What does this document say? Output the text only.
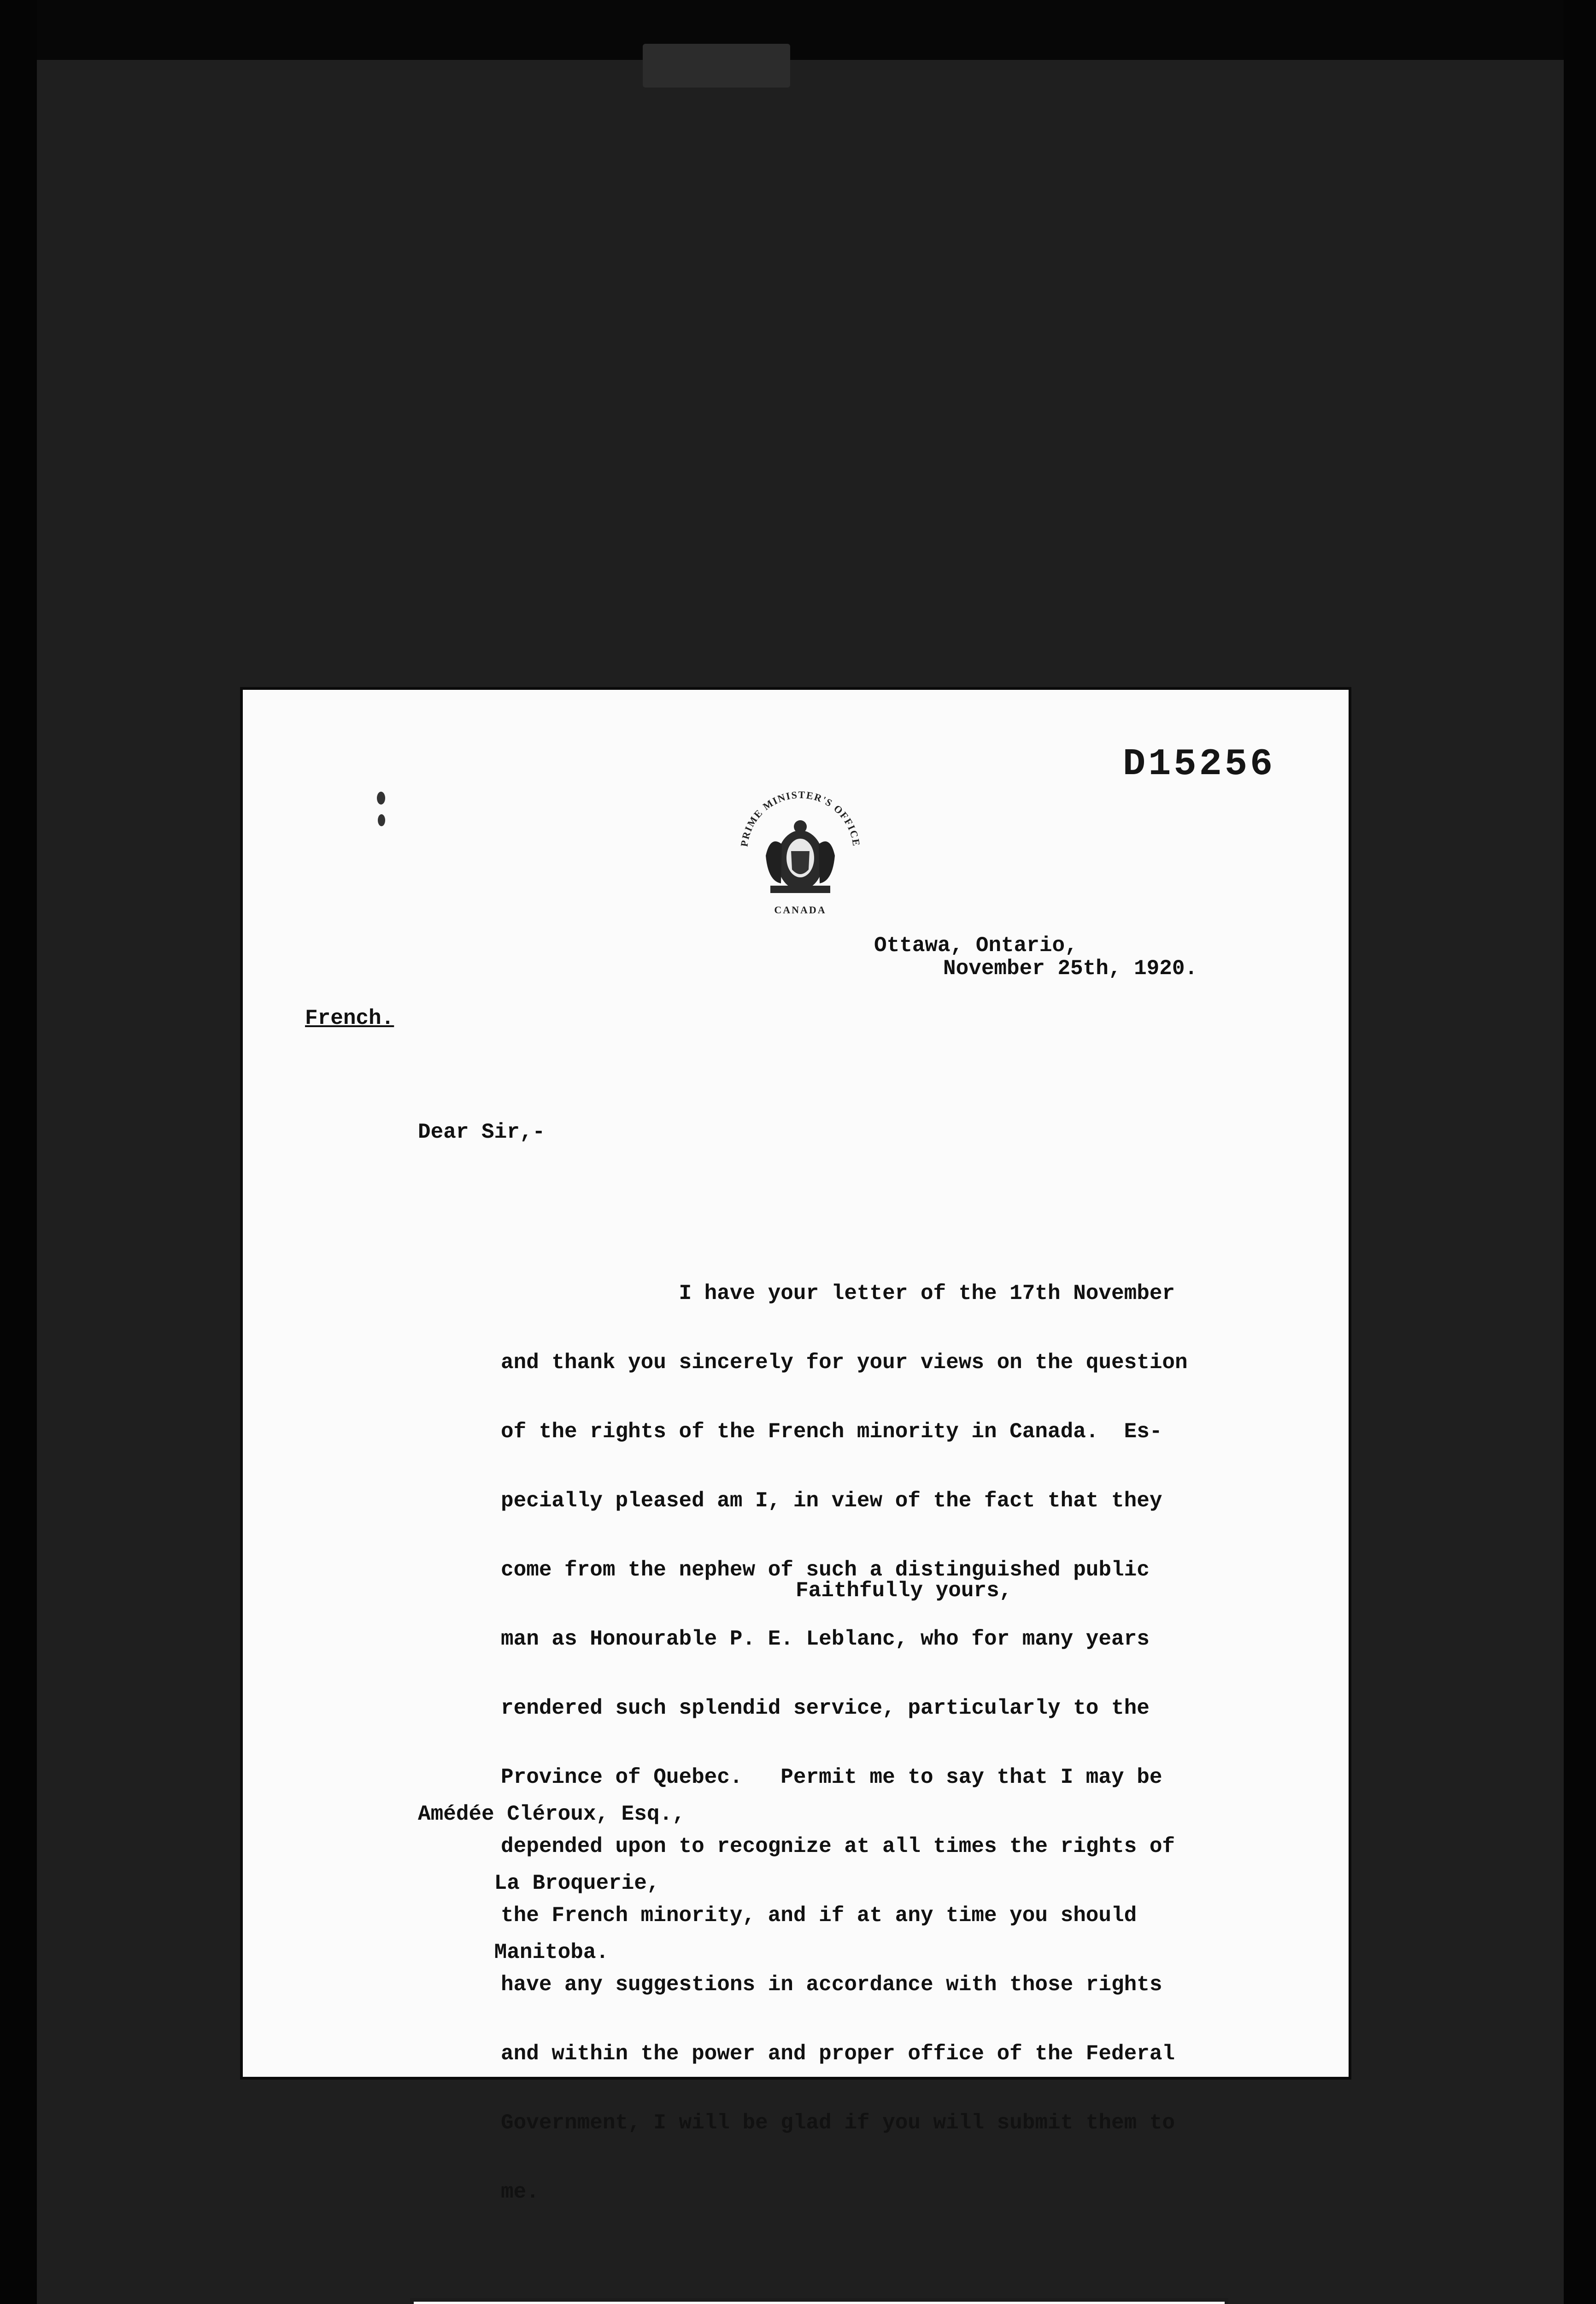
D15256
PRIME MINISTER'S OFFICE
CANADA
Ottawa, Ontario,
November 25th, 1920.
French.
Dear Sir,-

I have your letter of the 17th November

and thank you sincerely for your views on the question

of the rights of the French minority in Canada.  Es-

pecially pleased am I, in view of the fact that they

come from the nephew of such a distinguished public

man as Honourable P. E. Leblanc, who for many years

rendered such splendid service, particularly to the

Province of Quebec.   Permit me to say that I may be

depended upon to recognize at all times the rights of

the French minority, and if at any time you should

have any suggestions in accordance with those rights

and within the power and proper office of the Federal

Government, I will be glad if you will submit them to

me.

Faithfully yours,

Amédée Cléroux, Esq.,

La Broquerie,

Manitoba.
